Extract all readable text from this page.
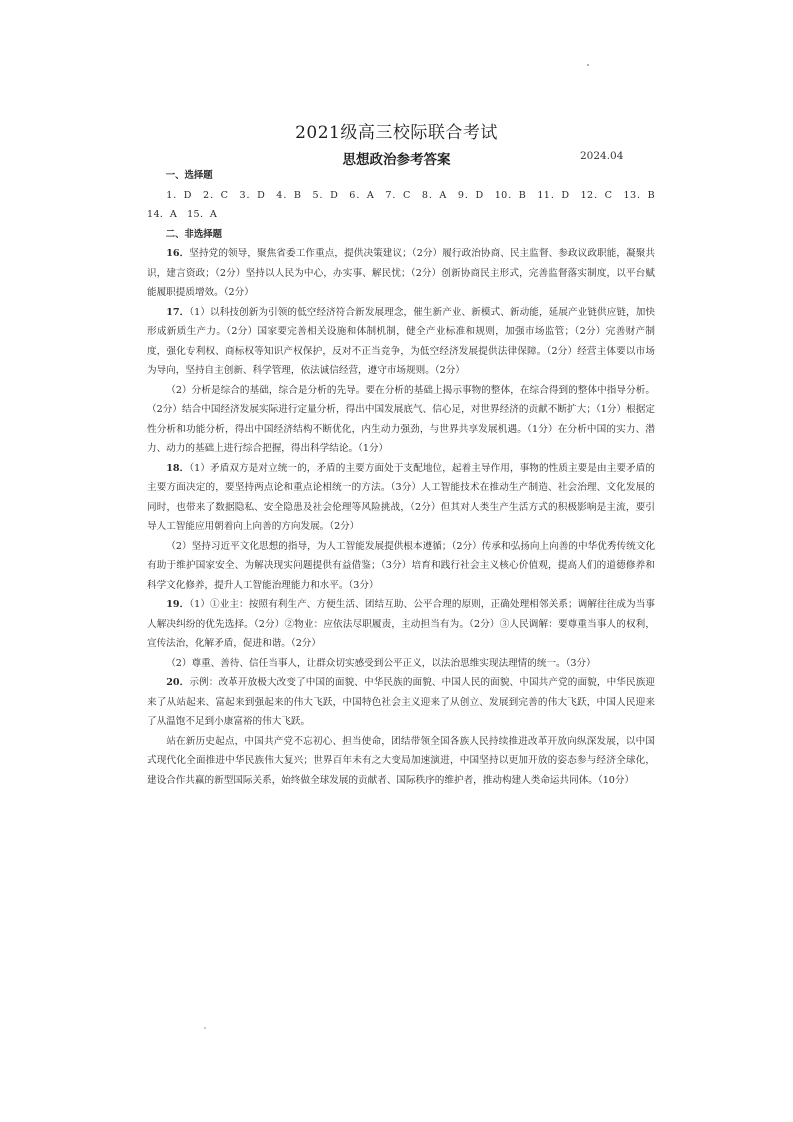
2021级高三校际联合考试
思想政治参考答案	2024.04

一、选择题

1．D　2．C　3．D　4．B　5．D　6．A　7．C　8．A　9．D　10．B　11．D　12．C　13．B　14．A　15．A

二、非选择题

16．坚持党的领导，聚焦省委工作重点，提供决策建议；（2分）履行政治协商、民主监督、参政议政职能，凝聚共识，建言资政；（2分）坚持以人民为中心，办实事、解民忧；（2分）创新协商民主形式，完善监督落实制度，以平台赋能履职提质增效。（2分）

17．（1）以科技创新为引领的低空经济符合新发展理念，催生新产业、新模式、新动能，延展产业链供应链，加快形成新质生产力。（2分）国家要完善相关设施和体制机制，健全产业标准和规则，加强市场监管；（2分）完善财产制度，强化专利权、商标权等知识产权保护，反对不正当竞争，为低空经济发展提供法律保障。（2分）经营主体要以市场为导向，坚持自主创新、科学管理，依法诚信经营，遵守市场规则。（2分）

（2）分析是综合的基础，综合是分析的先导。要在分析的基础上揭示事物的整体，在综合得到的整体中指导分析。（2分）结合中国经济发展实际进行定量分析，得出中国发展底气、信心足，对世界经济的贡献不断扩大；（1分）根据定性分析和功能分析，得出中国经济结构不断优化，内生动力强劲，与世界共享发展机遇。（1分）在分析中国的实力、潜力、动力的基础上进行综合把握，得出科学结论。（1分）

18．（1）矛盾双方是对立统一的，矛盾的主要方面处于支配地位，起着主导作用，事物的性质主要是由主要矛盾的主要方面决定的，要坚持两点论和重点论相统一的方法。（3分）人工智能技术在推动生产制造、社会治理、文化发展的同时，也带来了数据隐私、安全隐患及社会伦理等风险挑战，（2分）但其对人类生产生活方式的积极影响是主流，要引导人工智能应用朝着向上向善的方向发展。（2分）

（2）坚持习近平文化思想的指导，为人工智能发展提供根本遵循；（2分）传承和弘扬向上向善的中华优秀传统文化有助于维护国家安全、为解决现实问题提供有益借鉴；（3分）培育和践行社会主义核心价值观，提高人们的道德修养和科学文化修养，提升人工智能治理能力和水平。（3分）

19．（1）①业主：按照有利生产、方便生活、团结互助、公平合理的原则，正确处理相邻关系；调解往往成为当事人解决纠纷的优先选择。（2分）②物业：应依法尽职履责，主动担当有为。（2分）③人民调解：要尊重当事人的权利，宣传法治，化解矛盾，促进和谐。（2分）

（2）尊重、善待、信任当事人，让群众切实感受到公平正义，以法治思维实现法理情的统一。（3分）

20．示例：改革开放极大改变了中国的面貌、中华民族的面貌、中国人民的面貌、中国共产党的面貌，中华民族迎来了从站起来、富起来到强起来的伟大飞跃，中国特色社会主义迎来了从创立、发展到完善的伟大飞跃，中国人民迎来了从温饱不足到小康富裕的伟大飞跃。

站在新历史起点，中国共产党不忘初心、担当使命，团结带领全国各族人民持续推进改革开放向纵深发展，以中国式现代化全面推进中华民族伟大复兴；世界百年未有之大变局加速演进，中国坚持以更加开放的姿态参与经济全球化，建设合作共赢的新型国际关系，始终做全球发展的贡献者、国际秩序的维护者，推动构建人类命运共同体。（10分）
